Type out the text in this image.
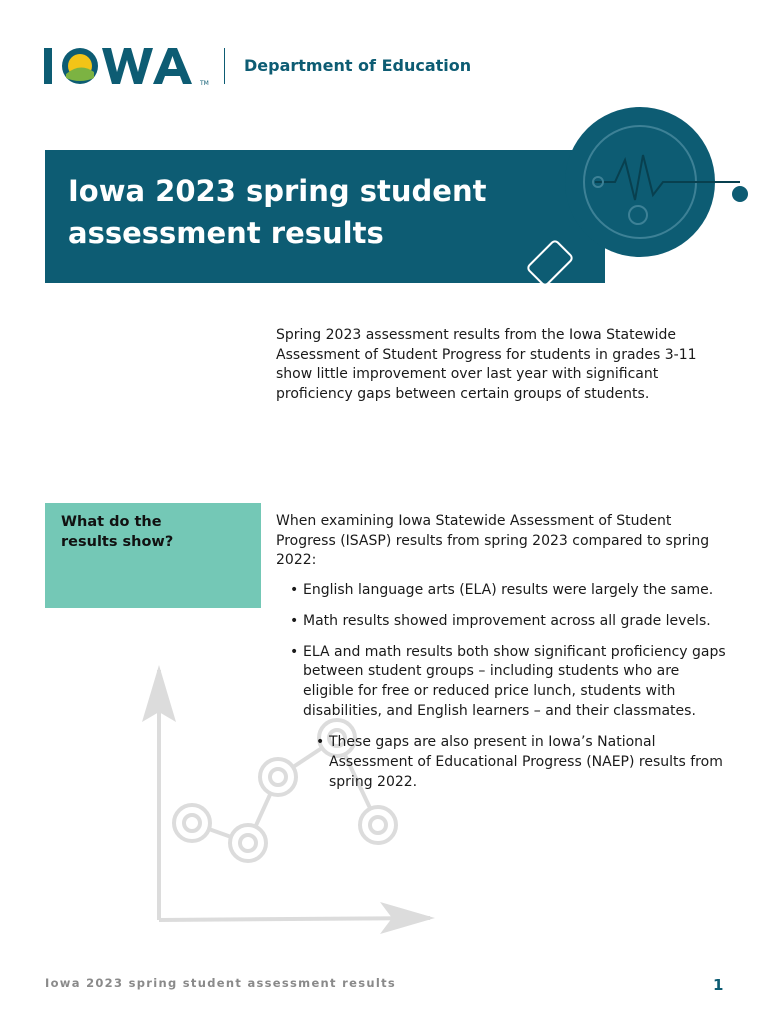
TM
Department of Education
Iowa 2023 spring student assessment results
Spring 2023 assessment results from the Iowa Statewide Assessment of Student Progress for students in grades 3-11 show little improvement over last year with significant proficiency gaps between certain groups of students.
What do the results show?

When examining Iowa Statewide Assessment of Student Progress (ISASP) results from spring 2023 compared to spring 2022:

• English language arts (ELA) results were largely the same.
• Math results showed improvement across all grade levels.
• ELA and math results both show significant proficiency gaps between student groups – including students who are eligible for free or reduced price lunch, students with disabilities, and English learners – and their classmates.
• These gaps are also present in Iowa’s National Assessment of Educational Progress (NAEP) results from spring 2022.
Iowa 2023 spring student assessment results	1
